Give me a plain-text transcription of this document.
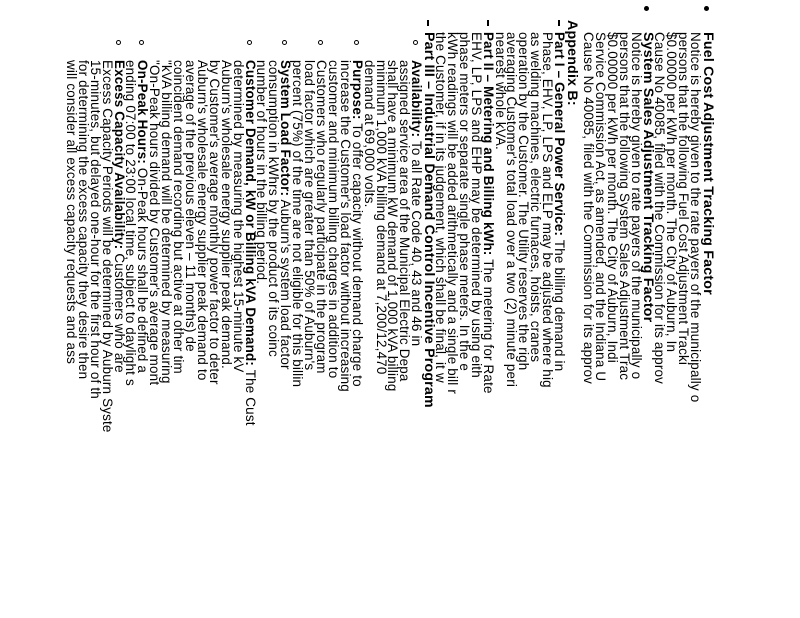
Fuel Cost Adjustment Tracking Factor
Notice is hereby given to the rate payers of the municipally o
persons that the following Fuel Cost Adjustment Tracki
$0.00000 per kWh per month. The City of Auburn, In
Cause No 40085, filed with the Commission for its approv
System Sales Adjustment Tracking Factor
Notice is hereby given to rate payers of the municipally o
persons that the following System Sales Adjustment Trac
$0.00000 per kWh per month. The City of Auburn, Indi
Service Commission Act, as amended, and the Indiana U
Cause No 40085, filed with the Commission for its approv
Appendix B:
Part I – General Power Service: The billing demand in
Phase, EHV, LP, LPS and ELP may be adjusted where hig
as welding machines, electric furnaces, hoists, cranes
operation by the Customer. The Utility reserves the righ
averaging Customer's total load over a two (2) minute peri
nearest whole kVA.
Part II – Metering and Billing kWh: The metering for Rate
EHV, LP, LPS and EHP may be determined by using eith
phase meters or separate single phase meters. In the e
kWh readings will be added arithmetically and a single bill r
the Customer, if in its judgement, which shall be final, it w
Part III – Industrial Demand Control Incentive Program
Availability: To all Rate Code 40, 43 and 46 in
assigned service area of the Municipal Electric Depa
shall have a minimum kW demand of 1,000 kVA billing
minimum 1,000 kVA billing demand at 7,200/12,470
demand at 69,000 volts.
Purpose: To offer capacity without demand charge to
increase the Customer's load factor without increasing
customer and minimum billing charges in addition to
Customers who regularly participate in the program
load factor which are greater than 50% of Auburn's
percent (75%) of the time are not eligible for this billin
System Load Factor: Auburn's system load factor
consumption in kWhrs by the product of its coinc
number of hours in the billing period.
Customer Demand, kW or Billing kVA Demand: The Cust
determined by measuring the highest 15-minute kV
Auburn's wholesale energy supplier peak demand.
by Customer's average monthly power factor to deter
Auburn's wholesale energy supplier peak demand to
average of the previous eleven – 11 months) de
coincident demand recording but active at other tim
"kVA billing demand will be determined by measuring
"On-Peak hours divided by Customer's average mont
On-Peak Hours: On-Peak hours shall be defined a
ending 07:00 to 23:00 local time, subject to daylight s
Excess Capacity Availability: Customers who are
Excess Capacity Periods will be determined by Auburn Syste
15-minutes, but delayed one-hour for the first hour of th
for determining the excess capacity they desire then
will consider all excess capacity requests and ass
